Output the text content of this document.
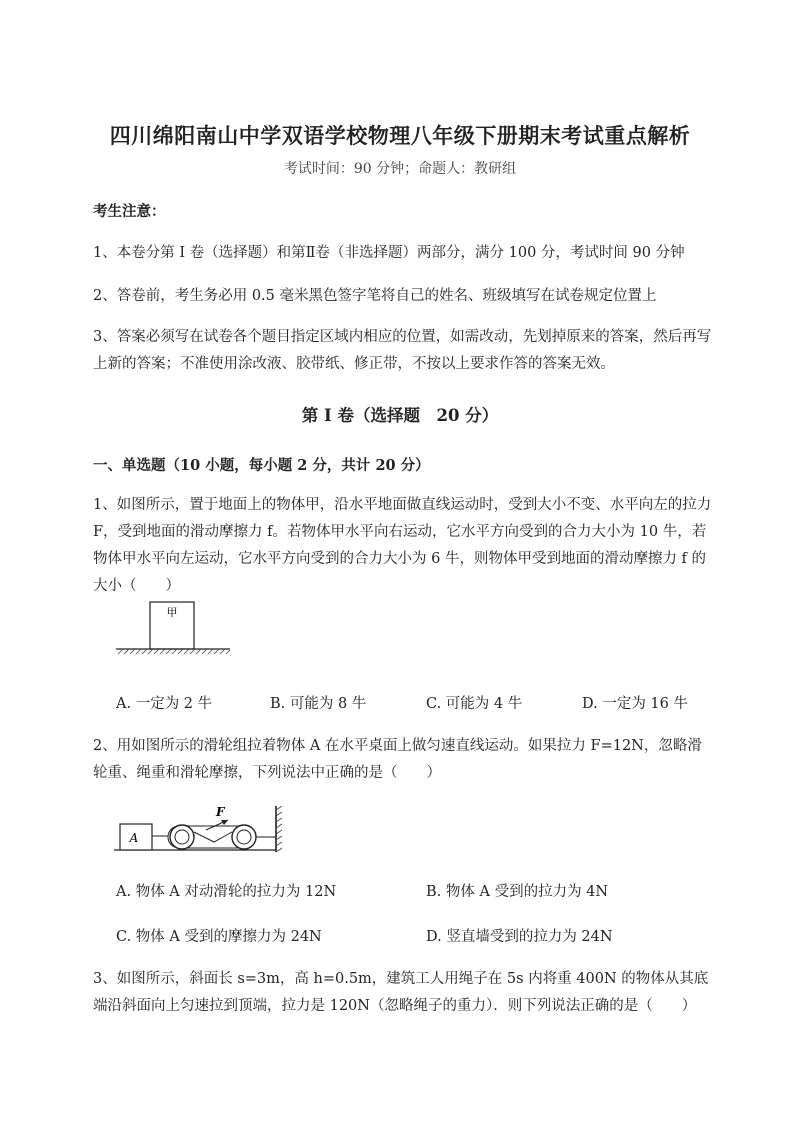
四川绵阳南山中学双语学校物理八年级下册期末考试重点解析
考试时间：90 分钟；命题人：教研组
考生注意：
1、本卷分第 I 卷（选择题）和第Ⅱ卷（非选择题）两部分，满分 100 分，考试时间 90 分钟
2、答卷前，考生务必用 0.5 毫米黑色签字笔将自己的姓名、班级填写在试卷规定位置上
3、答案必须写在试卷各个题目指定区域内相应的位置，如需改动，先划掉原来的答案，然后再写上新的答案；不准使用涂改液、胶带纸、修正带，不按以上要求作答的答案无效。
第 I 卷（选择题　20 分）
一、单选题（10 小题，每小题 2 分，共计 20 分）
1、如图所示，置于地面上的物体甲，沿水平地面做直线运动时，受到大小不变、水平向左的拉力 F，受到地面的滑动摩擦力 f。若物体甲水平向右运动，它水平方向受到的合力大小为 10 牛，若物体甲水平向左运动，它水平方向受到的合力大小为 6 牛，则物体甲受到地面的滑动摩擦力 f 的大小（　　）
甲
A. 一定为 2 牛	B. 可能为 8 牛	C. 可能为 4 牛	D. 一定为 16 牛
2、用如图所示的滑轮组拉着物体 A 在水平桌面上做匀速直线运动。如果拉力 F=12N，忽略滑轮重、绳重和滑轮摩擦，下列说法中正确的是（　　）
A
F
A. 物体 A 对动滑轮的拉力为 12N	B. 物体 A 受到的拉力为 4N
C. 物体 A 受到的摩擦力为 24N	D. 竖直墙受到的拉力为 24N
3、如图所示，斜面长 s=3m，高 h=0.5m，建筑工人用绳子在 5s 内将重 400N 的物体从其底端沿斜面向上匀速拉到顶端，拉力是 120N（忽略绳子的重力）．则下列说法正确的是（　　）
